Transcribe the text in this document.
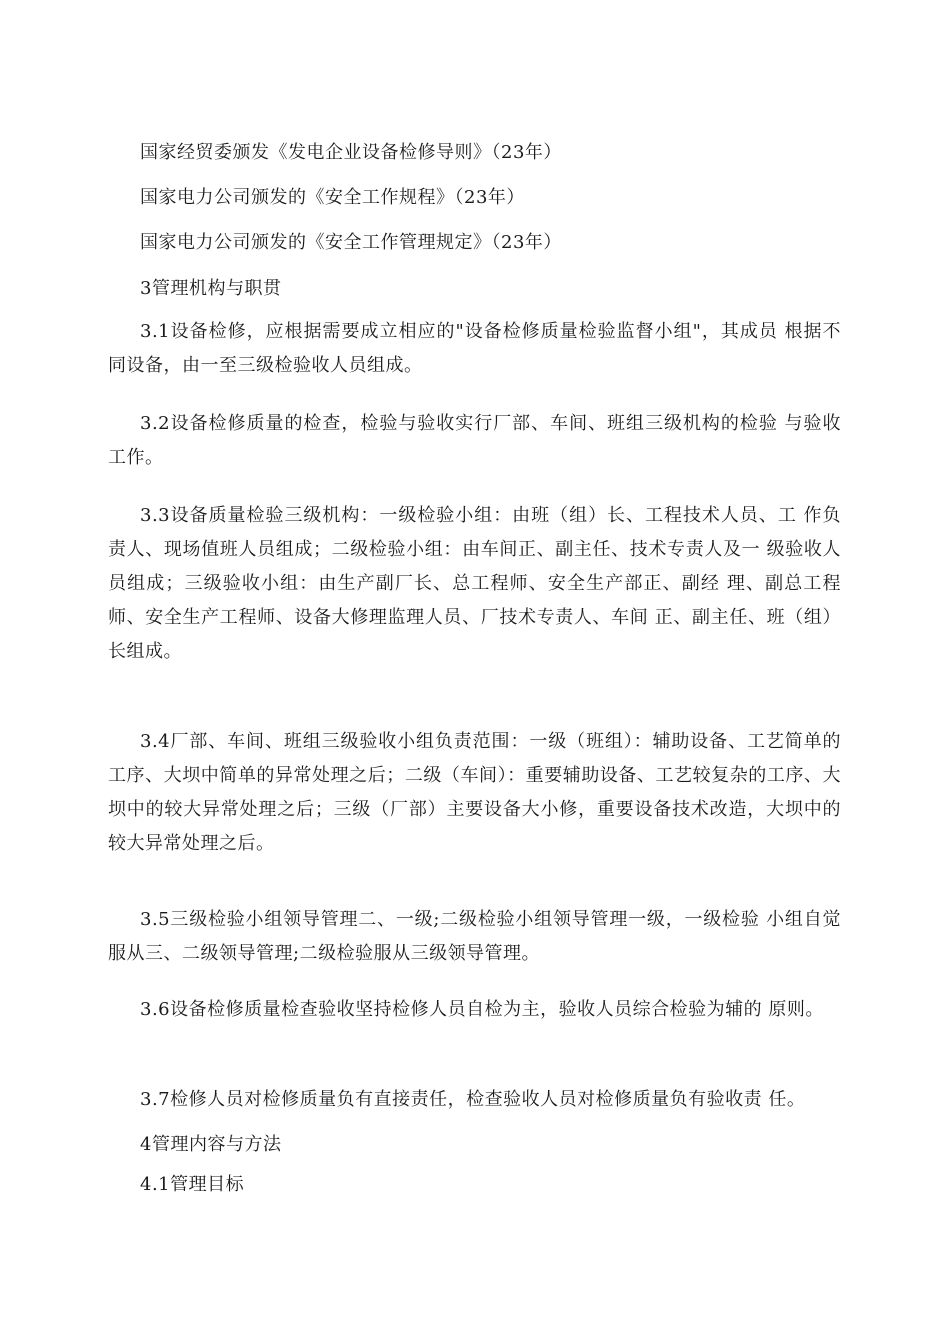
国家经贸委颁发《发电企业设备检修导则》（23年）

国家电力公司颁发的《安全工作规程》（23年）

国家电力公司颁发的《安全工作管理规定》（23年）

3管理机构与职贯

3.1设备检修，应根据需要成立相应的"设备检修质量检验监督小组"，其成员 根据不同设备，由一至三级检验收人员组成。

3.2设备检修质量的检查，检验与验收实行厂部、车间、班组三级机构的检验 与验收工作。

3.3设备质量检验三级机构：一级检验小组：由班（组）长、工程技术人员、工 作负责人、现场值班人员组成；二级检验小组：由车间正、副主任、技术专责人及一 级验收人员组成；三级验收小组：由生产副厂长、总工程师、安全生产部正、副经 理、副总工程师、安全生产工程师、设备大修理监理人员、厂技术专责人、车间 正、副主任、班（组）长组成。

3.4厂部、车间、班组三级验收小组负责范围：一级（班组）：辅助设备、工艺简单的工序、大坝中简单的异常处理之后；二级（车间）：重要辅助设备、工艺较复杂的工序、大坝中的较大异常处理之后；三级（厂部）主要设备大小修，重要设备技术改造，大坝中的较大异常处理之后。

3.5三级检验小组领导管理二、一级;二级检验小组领导管理一级，一级检验 小组自觉服从三、二级领导管理;二级检验服从三级领导管理。

3.6设备检修质量检查验收坚持检修人员自检为主，验收人员综合检验为辅的 原则。

3.7检修人员对检修质量负有直接责任，检查验收人员对检修质量负有验收责 任。

4管理内容与方法

4.1管理目标
